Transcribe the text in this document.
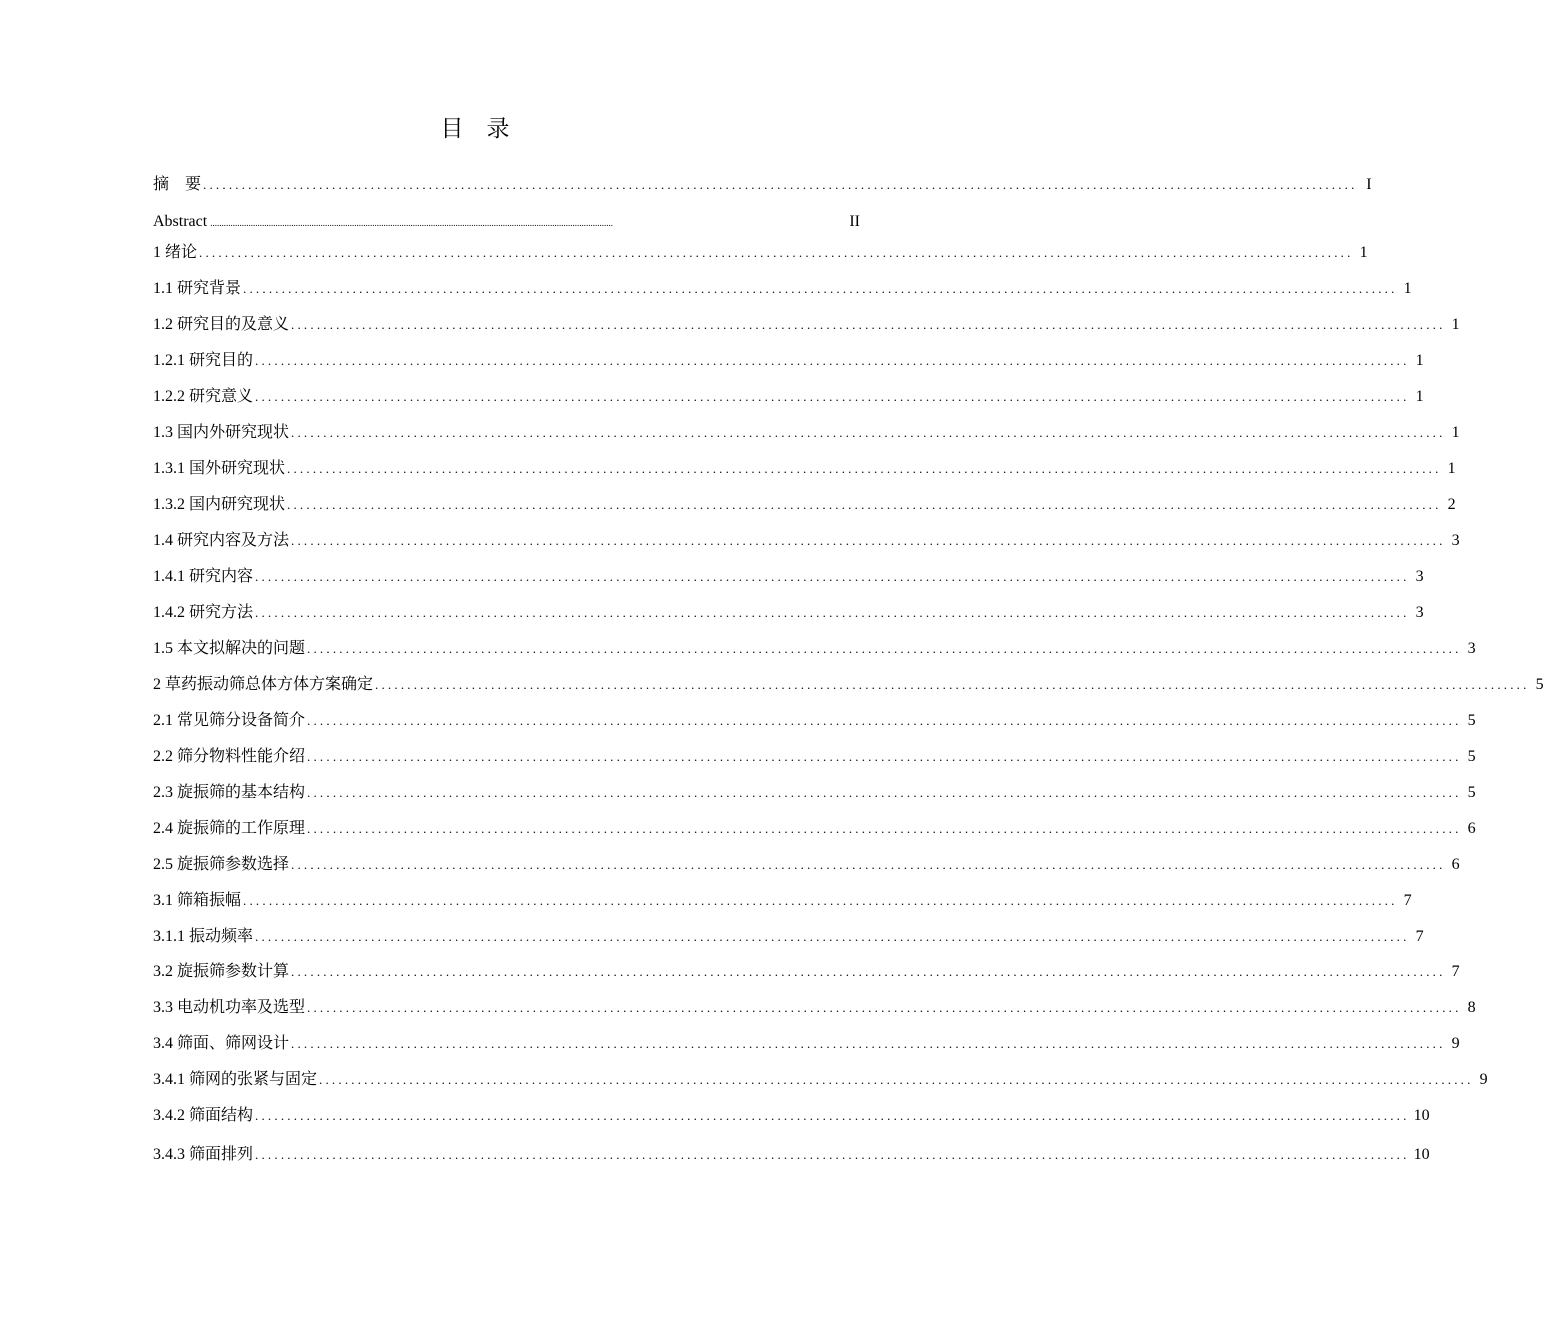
目　录
摘　要 ................................................................................................................................................................................... I
Abstract ...................................................................................................................................................................................	II
1 绪论 ................................................................................................................................................................................... 1
1.1 研究背景 ................................................................................................................................................................................... 1
1.2 研究目的及意义 ................................................................................................................................................................................... 1
1.2.1 研究目的 ................................................................................................................................................................................... 1
1.2.2 研究意义 ................................................................................................................................................................................... 1
1.3 国内外研究现状 ................................................................................................................................................................................... 1
1.3.1 国外研究现状 ................................................................................................................................................................................... 1
1.3.2 国内研究现状 ................................................................................................................................................................................... 2
1.4 研究内容及方法 ................................................................................................................................................................................... 3
1.4.1 研究内容 ................................................................................................................................................................................... 3
1.4.2 研究方法 ................................................................................................................................................................................... 3
1.5 本文拟解决的问题 ................................................................................................................................................................................... 3
2 草药振动筛总体方体方案确定 ................................................................................................................................................................................... 5
2.1 常见筛分设备简介 ................................................................................................................................................................................... 5
2.2 筛分物料性能介绍 ................................................................................................................................................................................... 5
2.3 旋振筛的基本结构 ................................................................................................................................................................................... 5
2.4 旋振筛的工作原理 ................................................................................................................................................................................... 6
2.5 旋振筛参数选择 ................................................................................................................................................................................... 6
3.1 筛箱振幅 ................................................................................................................................................................................... 7
3.1.1 振动频率 ................................................................................................................................................................................... 7
3.2 旋振筛参数计算 ................................................................................................................................................................................... 7
3.3 电动机功率及选型 ................................................................................................................................................................................... 8
3.4 筛面、筛网设计 ................................................................................................................................................................................... 9
3.4.1 筛网的张紧与固定 ................................................................................................................................................................................... 9
3.4.2 筛面结构 ................................................................................................................................................................................... 10
3.4.3 筛面排列 ................................................................................................................................................................................... 10
